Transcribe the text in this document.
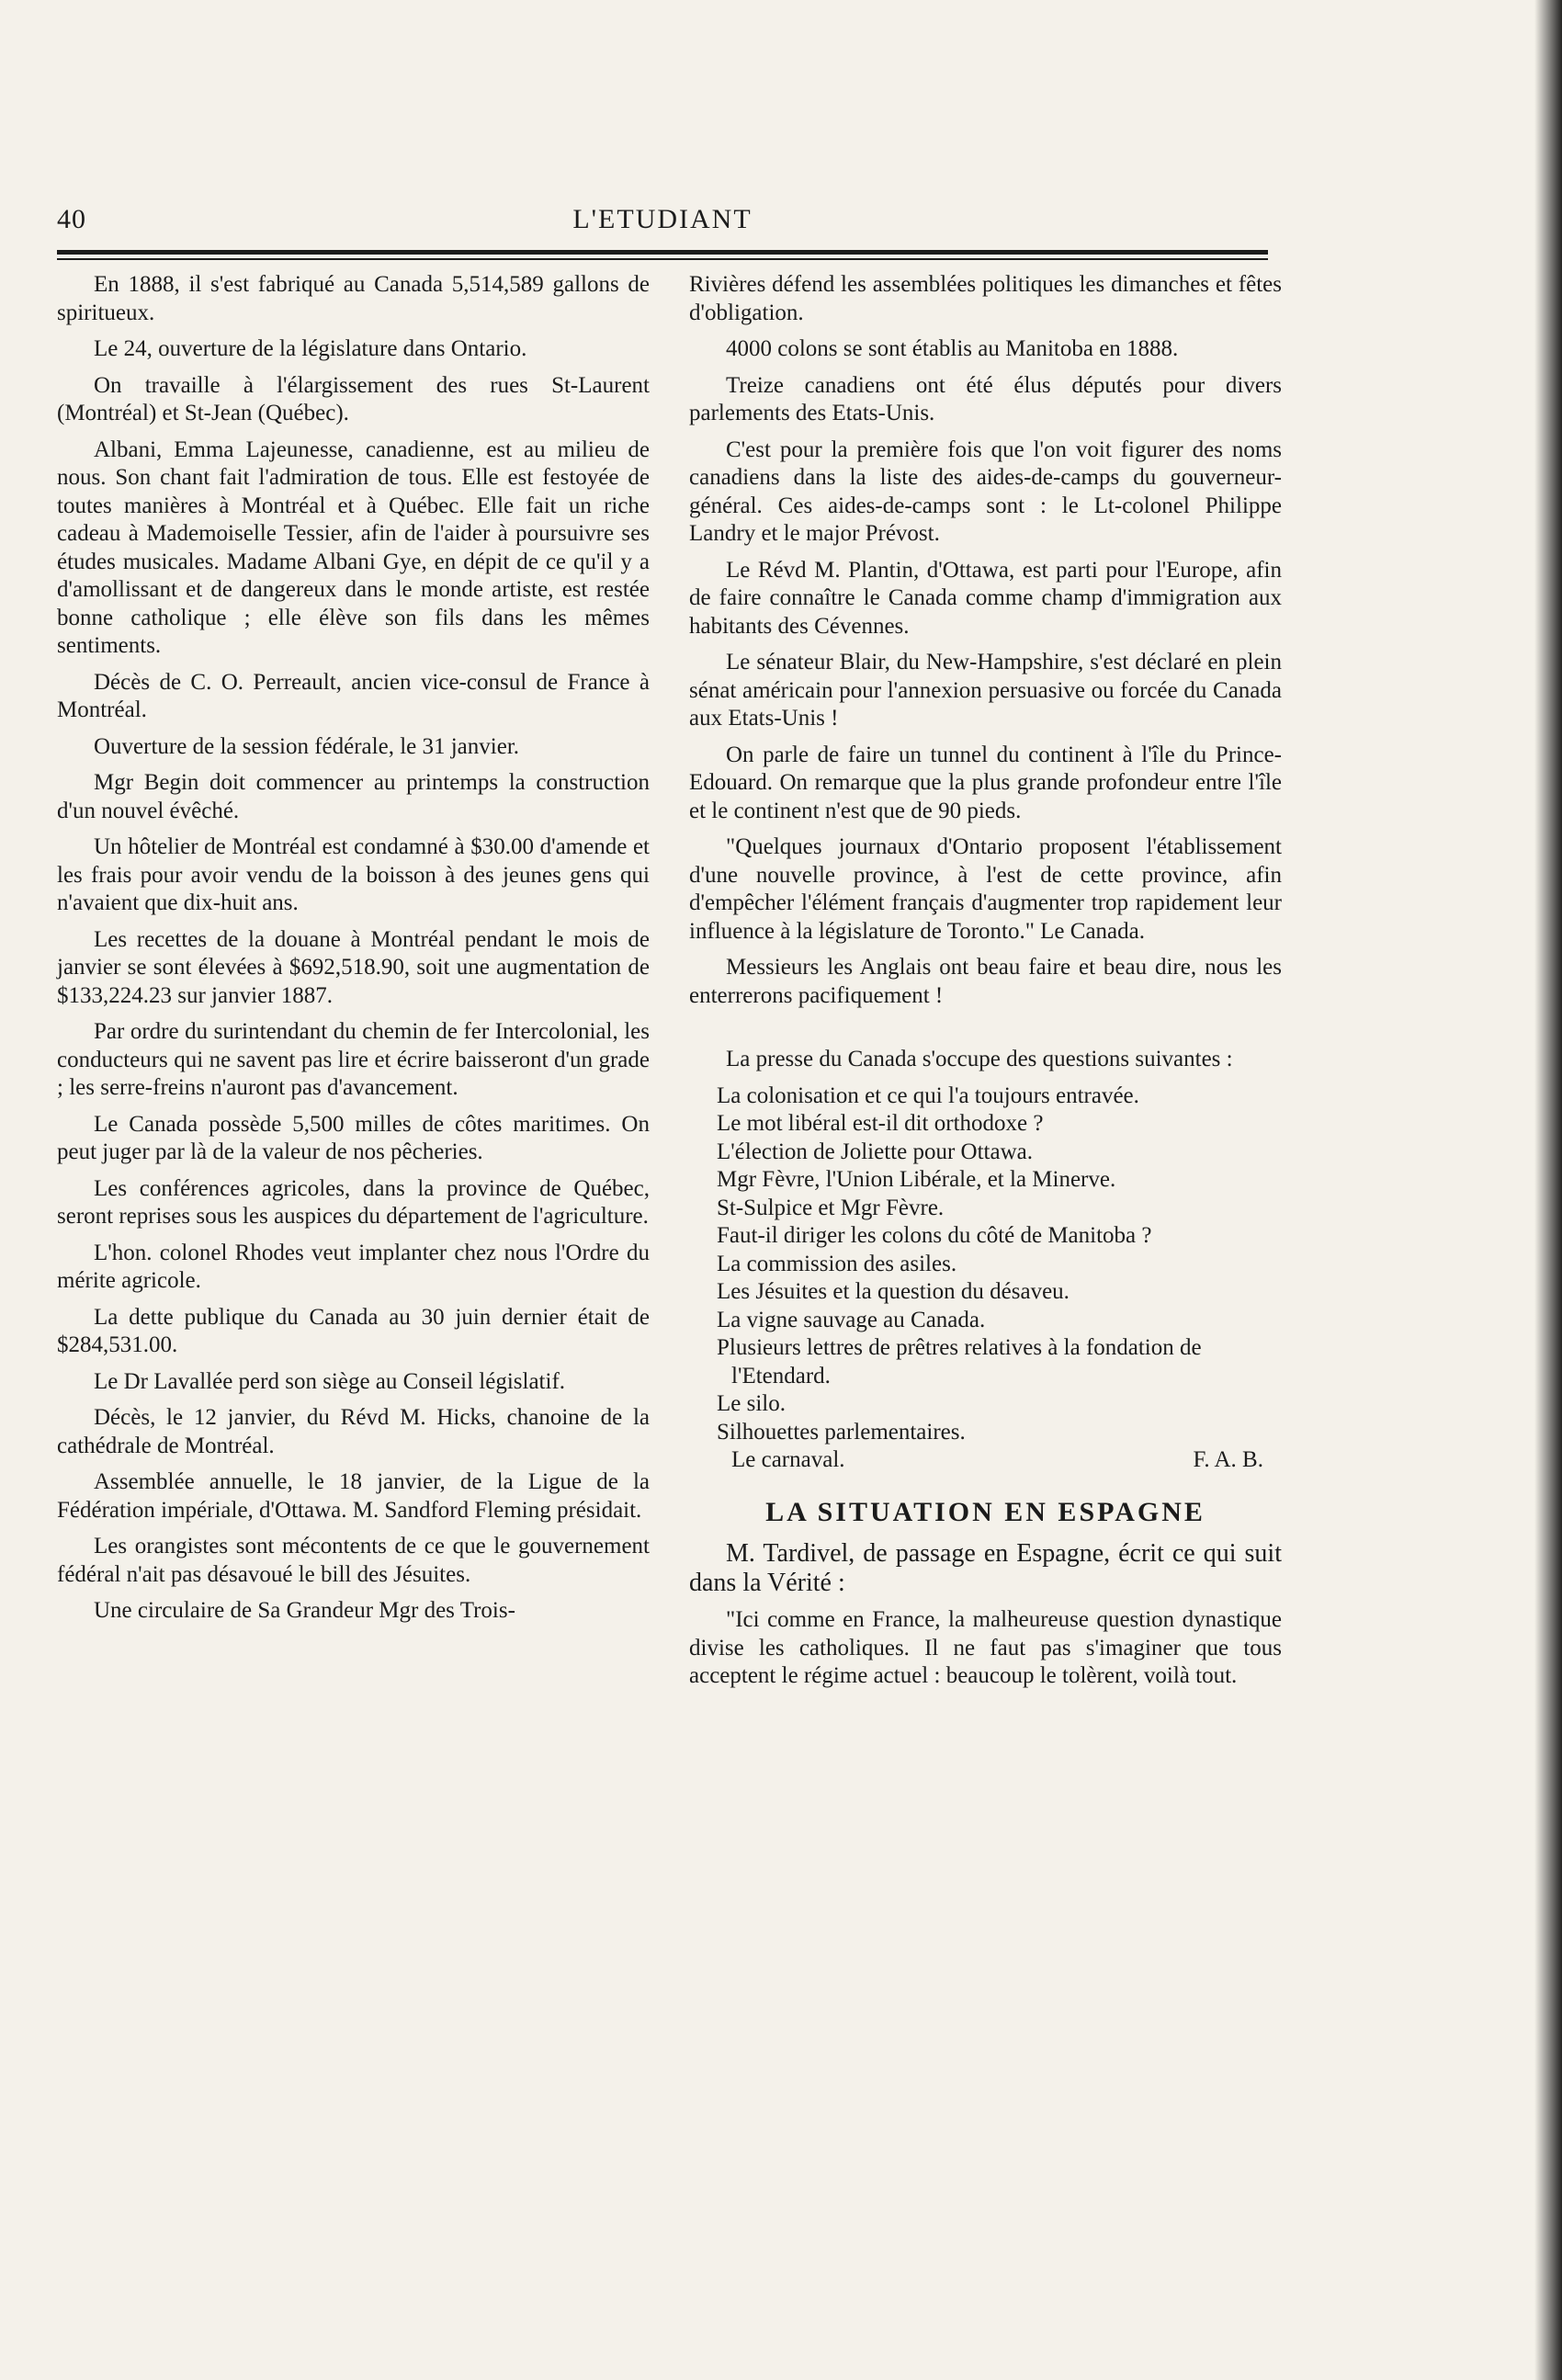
40	L'ETUDIANT

En 1888, il s'est fabriqué au Canada 5,514,589 gallons de spiritueux.

Le 24, ouverture de la législature dans Ontario.

On travaille à l'élargissement des rues St-Laurent (Montréal) et St-Jean (Québec).

Albani, Emma Lajeunesse, canadienne, est au milieu de nous. Son chant fait l'admiration de tous. Elle est festoyée de toutes manières à Montréal et à Québec. Elle fait un riche cadeau à Mademoiselle Tessier, afin de l'aider à poursuivre ses études musicales. Madame Albani Gye, en dépit de ce qu'il y a d'amollissant et de dangereux dans le monde artiste, est restée bonne catholique ; elle élève son fils dans les mêmes sentiments.

Décès de C. O. Perreault, ancien vice-consul de France à Montréal.

Ouverture de la session fédérale, le 31 janvier.

Mgr Begin doit commencer au printemps la construction d'un nouvel évêché.

Un hôtelier de Montréal est condamné à $30.00 d'amende et les frais pour avoir vendu de la boisson à des jeunes gens qui n'avaient que dix-huit ans.

Les recettes de la douane à Montréal pendant le mois de janvier se sont élevées à $692,518.90, soit une augmentation de $133,224.23 sur janvier 1887.

Par ordre du surintendant du chemin de fer Intercolonial, les conducteurs qui ne savent pas lire et écrire baisseront d'un grade ; les serre-freins n'auront pas d'avancement.

Le Canada possède 5,500 milles de côtes maritimes. On peut juger par là de la valeur de nos pêcheries.

Les conférences agricoles, dans la province de Québec, seront reprises sous les auspices du département de l'agriculture.

L'hon. colonel Rhodes veut implanter chez nous l'Ordre du mérite agricole.

La dette publique du Canada au 30 juin dernier était de $284,531.00.

Le Dr Lavallée perd son siège au Conseil législatif.

Décès, le 12 janvier, du Révd M. Hicks, chanoine de la cathédrale de Montréal.

Assemblée annuelle, le 18 janvier, de la Ligue de la Fédération impériale, d'Ottawa. M. Sandford Fleming présidait.

Les orangistes sont mécontents de ce que le gouvernement fédéral n'ait pas désavoué le bill des Jésuites.

Une circulaire de Sa Grandeur Mgr des Trois-

Rivières défend les assemblées politiques les dimanches et fêtes d'obligation.

4000 colons se sont établis au Manitoba en 1888.

Treize canadiens ont été élus députés pour divers parlements des Etats-Unis.

C'est pour la première fois que l'on voit figurer des noms canadiens dans la liste des aides-de-camps du gouverneur-général. Ces aides-de-camps sont : le Lt-colonel Philippe Landry et le major Prévost.

Le Révd M. Plantin, d'Ottawa, est parti pour l'Europe, afin de faire connaître le Canada comme champ d'immigration aux habitants des Cévennes.

Le sénateur Blair, du New-Hampshire, s'est déclaré en plein sénat américain pour l'annexion persuasive ou forcée du Canada aux Etats-Unis !

On parle de faire un tunnel du continent à l'île du Prince-Edouard. On remarque que la plus grande profondeur entre l'île et le continent n'est que de 90 pieds.

"Quelques journaux d'Ontario proposent l'établissement d'une nouvelle province, à l'est de cette province, afin d'empêcher l'élément français d'augmenter trop rapidement leur influence à la législature de Toronto." Le Canada.

Messieurs les Anglais ont beau faire et beau dire, nous les enterrerons pacifiquement !

La presse du Canada s'occupe des questions suivantes :

La colonisation et ce qui l'a toujours entravée.

Le mot libéral est-il dit orthodoxe ?

L'élection de Joliette pour Ottawa.

Mgr Fèvre, l'Union Libérale, et la Minerve.

St-Sulpice et Mgr Fèvre.

Faut-il diriger les colons du côté de Manitoba ?

La commission des asiles.

Les Jésuites et la question du désaveu.

La vigne sauvage au Canada.

Plusieurs lettres de prêtres relatives à la fondation de l'Etendard.

Le silo.

Silhouettes parlementaires.

Le carnaval.	F. A. B.

LA SITUATION EN ESPAGNE

M. Tardivel, de passage en Espagne, écrit ce qui suit dans la Vérité :

"Ici comme en France, la malheureuse question dynastique divise les catholiques. Il ne faut pas s'imaginer que tous acceptent le régime actuel : beaucoup le tolèrent, voilà tout.
